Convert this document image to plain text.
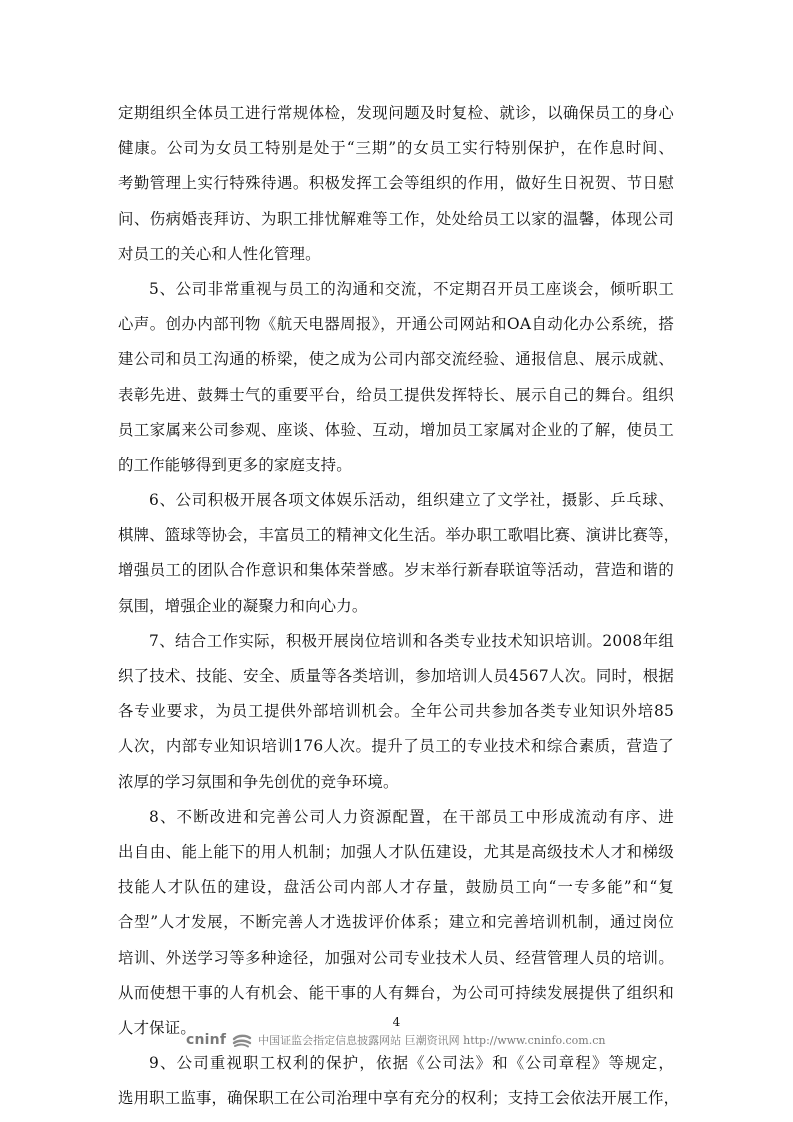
定期组织全体员工进行常规体检，发现问题及时复检、就诊，以确保员工的身心
健康。公司为女员工特别是处于“三期”的女员工实行特别保护，在作息时间、
考勤管理上实行特殊待遇。积极发挥工会等组织的作用，做好生日祝贺、节日慰
问、伤病婚丧拜访、为职工排忧解难等工作，处处给员工以家的温馨，体现公司
对员工的关心和人性化管理。
5、公司非常重视与员工的沟通和交流，不定期召开员工座谈会，倾听职工
心声。创办内部刊物《航天电器周报》，开通公司网站和OA自动化办公系统，搭
建公司和员工沟通的桥梁，使之成为公司内部交流经验、通报信息、展示成就、
表彰先进、鼓舞士气的重要平台，给员工提供发挥特长、展示自己的舞台。组织
员工家属来公司参观、座谈、体验、互动，增加员工家属对企业的了解，使员工
的工作能够得到更多的家庭支持。
6、公司积极开展各项文体娱乐活动，组织建立了文学社，摄影、乒乓球、
棋牌、篮球等协会，丰富员工的精神文化生活。举办职工歌唱比赛、演讲比赛等，
增强员工的团队合作意识和集体荣誉感。岁末举行新春联谊等活动，营造和谐的
氛围，增强企业的凝聚力和向心力。
7、结合工作实际，积极开展岗位培训和各类专业技术知识培训。2008年组
织了技术、技能、安全、质量等各类培训，参加培训人员4567人次。同时，根据
各专业要求，为员工提供外部培训机会。全年公司共参加各类专业知识外培85
人次，内部专业知识培训176人次。提升了员工的专业技术和综合素质，营造了
浓厚的学习氛围和争先创优的竞争环境。
8、不断改进和完善公司人力资源配置，在干部员工中形成流动有序、进
出自由、能上能下的用人机制；加强人才队伍建设，尤其是高级技术人才和梯级
技能人才队伍的建设，盘活公司内部人才存量，鼓励员工向“一专多能”和“复
合型”人才发展，不断完善人才选拔评价体系；建立和完善培训机制，通过岗位
培训、外送学习等多种途径，加强对公司专业技术人员、经营管理人员的培训。
从而使想干事的人有机会、能干事的人有舞台，为公司可持续发展提供了组织和
人才保证。
9、公司重视职工权利的保护，依据《公司法》和《公司章程》等规定，
选用职工监事，确保职工在公司治理中享有充分的权利；支持工会依法开展工作，
4
cninf	中国证监会指定信息披露网站 巨潮资讯网 http://www.cninfo.com.cn
